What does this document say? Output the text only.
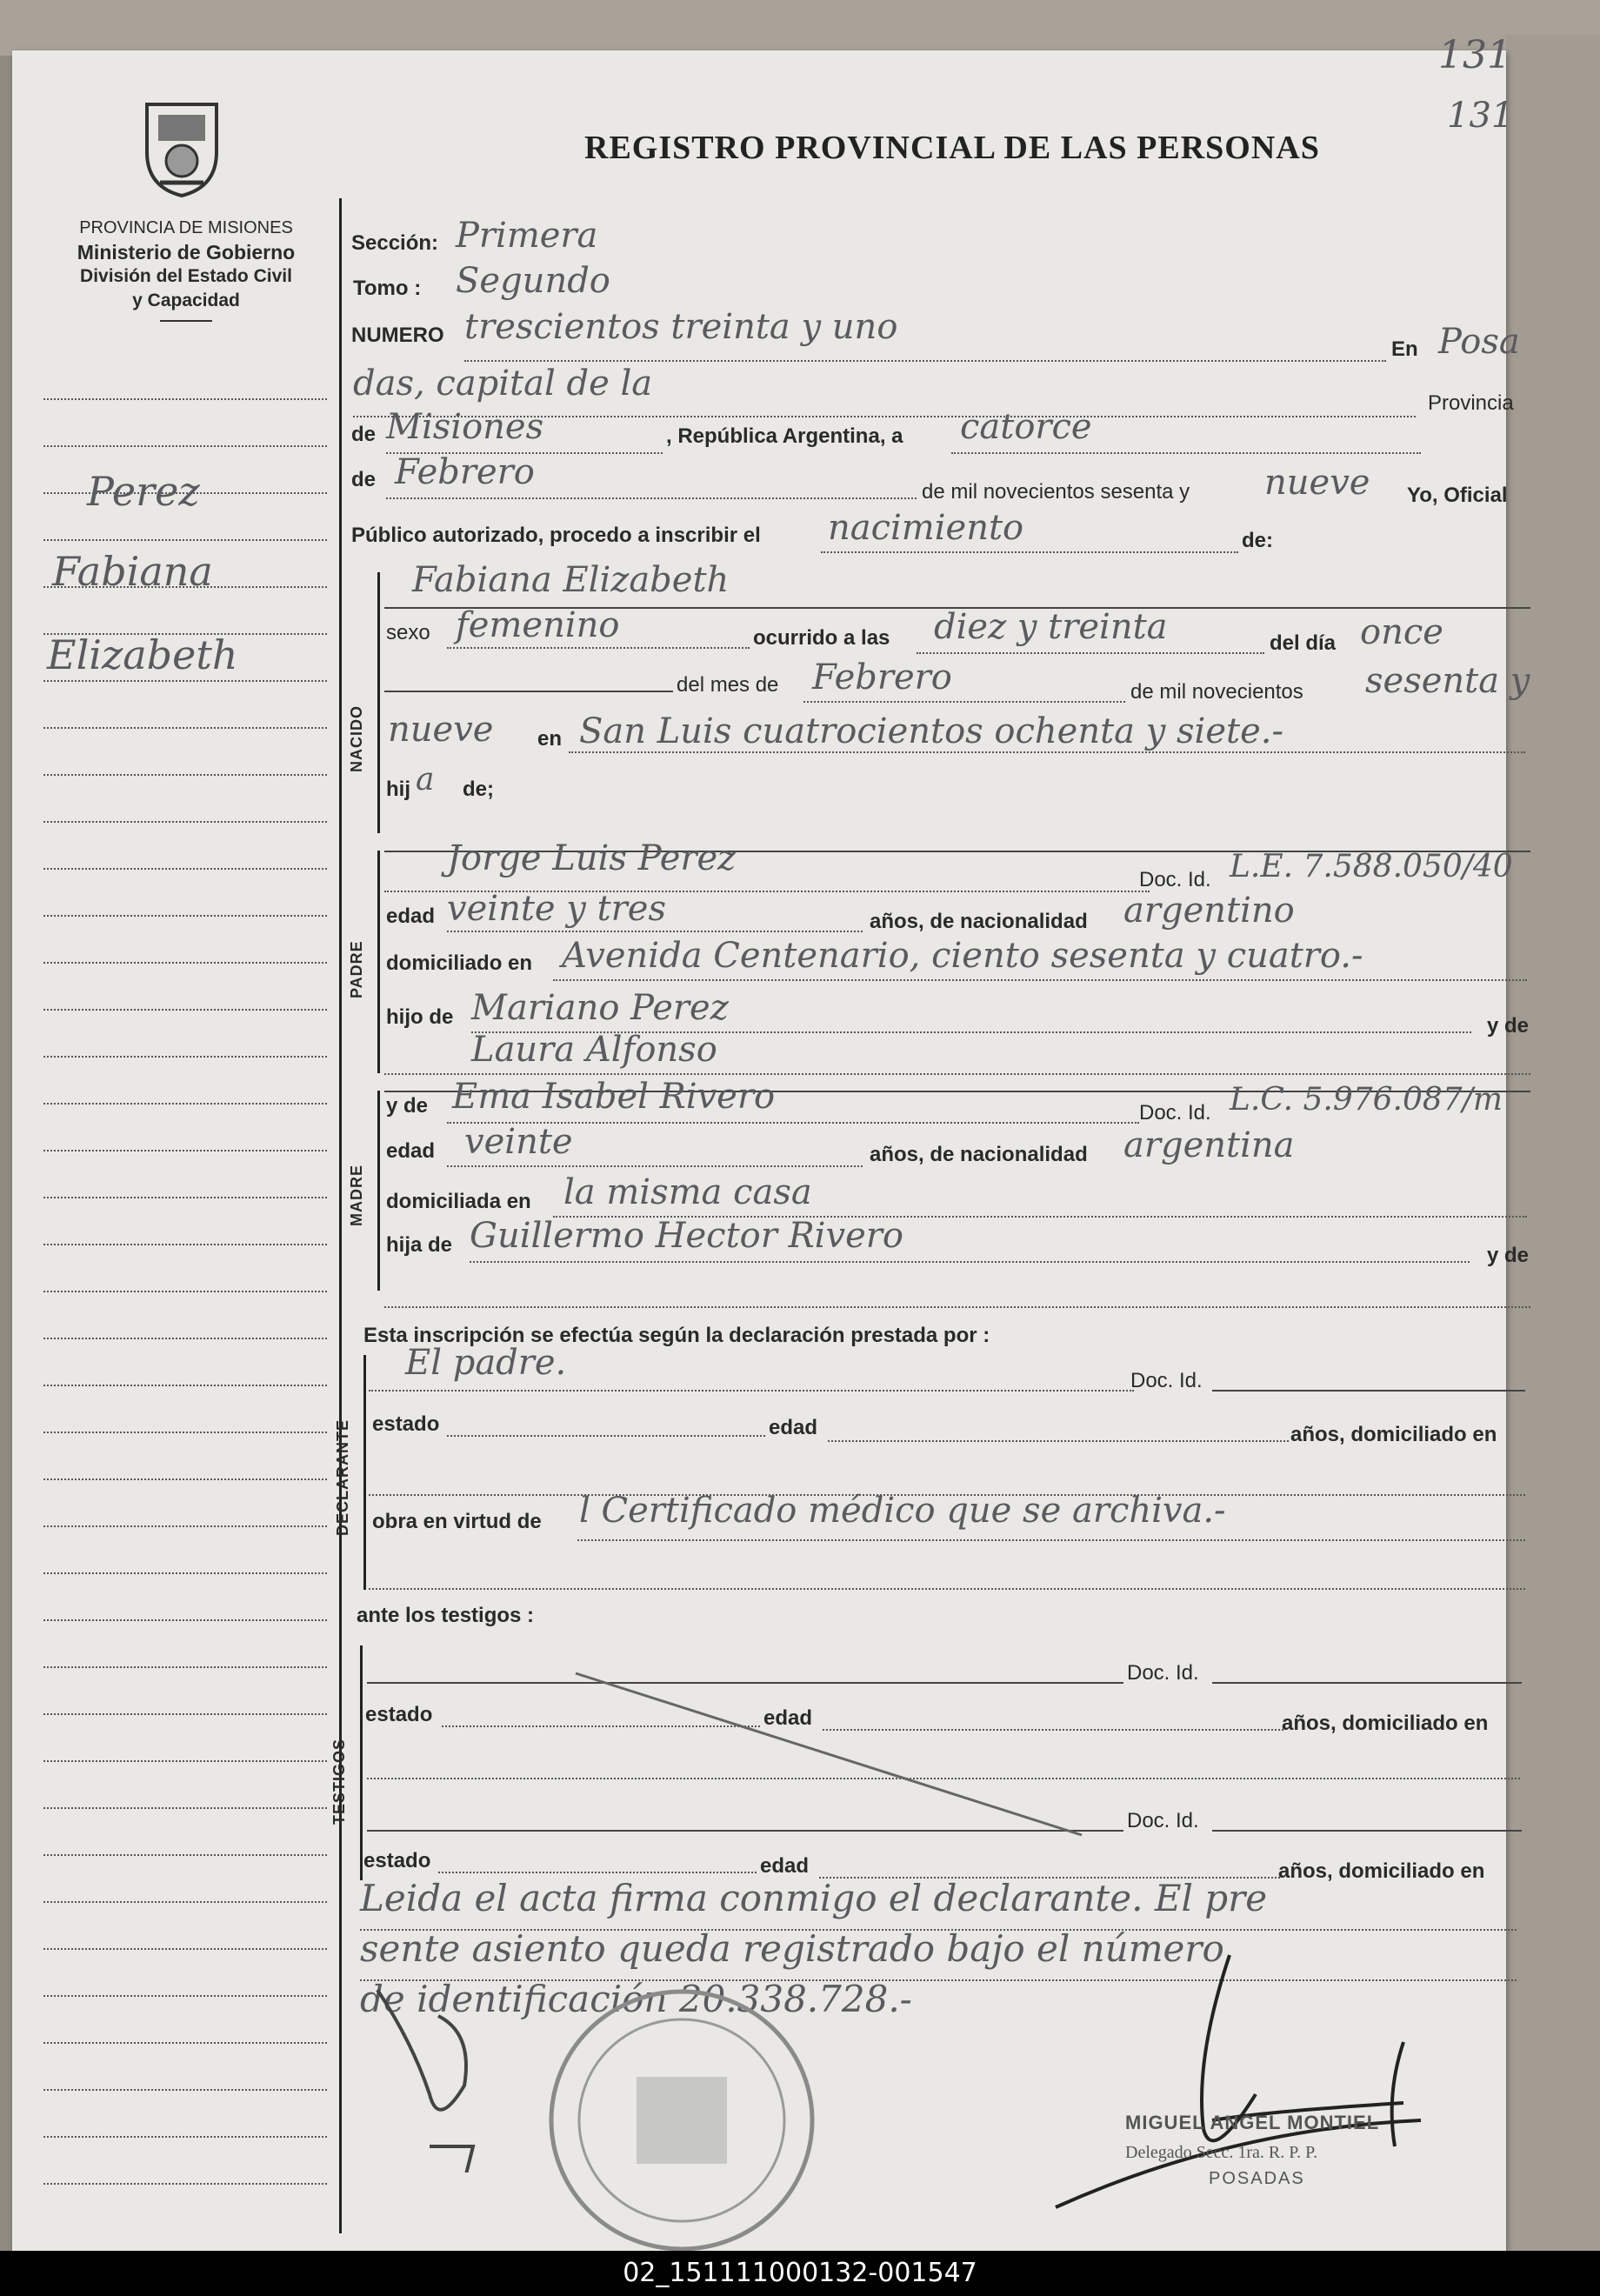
131
131
PROVINCIA DE MISIONES
Ministerio de Gobierno
División del Estado Civil
y Capacidad
REGISTRO PROVINCIAL DE LAS PERSONAS
Perez
Fabiana
Elizabeth
Sección: Primera
Tomo : Segundo
NUMERO trescientos treinta y uno
En Posa
das, capital de la	Provincia
de Misiones	, República Argentina, a catorce
de Febrero	de mil novecientos sesenta y nueve Yo, Oficial
Público autorizado, procedo a inscribir el nacimiento	de:
NACIDO
Fabiana Elizabeth
sexo femenino	ocurrido a las diez y treinta	del día once
del mes de Febrero	de mil novecientos sesenta y
nueve en San Luis cuatrocientos ochenta y siete.-
hij a de;
PADRE
Jorge Luis Perez
Doc. Id. L.E. 7.588.050/40
edad veinte y tres	años, de nacionalidad argentino
domiciliado en Avenida Centenario, ciento sesenta y cuatro.-
hijo de Mariano Perez	y de
Laura Alfonso
MADRE
y de Ema Isabel Rivero	Doc. Id. L.C. 5.976.087/m
edad veinte	años, de nacionalidad argentina
domiciliada en la misma casa
hija de Guillermo Hector Rivero	y de
Esta inscripción se efectúa según la declaración prestada por :
DECLARANTE
El padre.	Doc. Id.
estado	edad	años, domiciliado en
obra en virtud de l Certificado médico que se archiva.-
ante los testigos :
TESTIGOS
Doc. Id.
estado	edad	años, domiciliado en
Doc. Id.
estado	edad	años, domiciliado en
Leida el acta firma conmigo el declarante. El pre
sente asiento queda registrado bajo el número
de identificación 20.338.728.-
MIGUEL ANGEL MONTIEL
Delegado Secc. 1ra. R. P. P.
POSADAS
02_151111000132-001547
